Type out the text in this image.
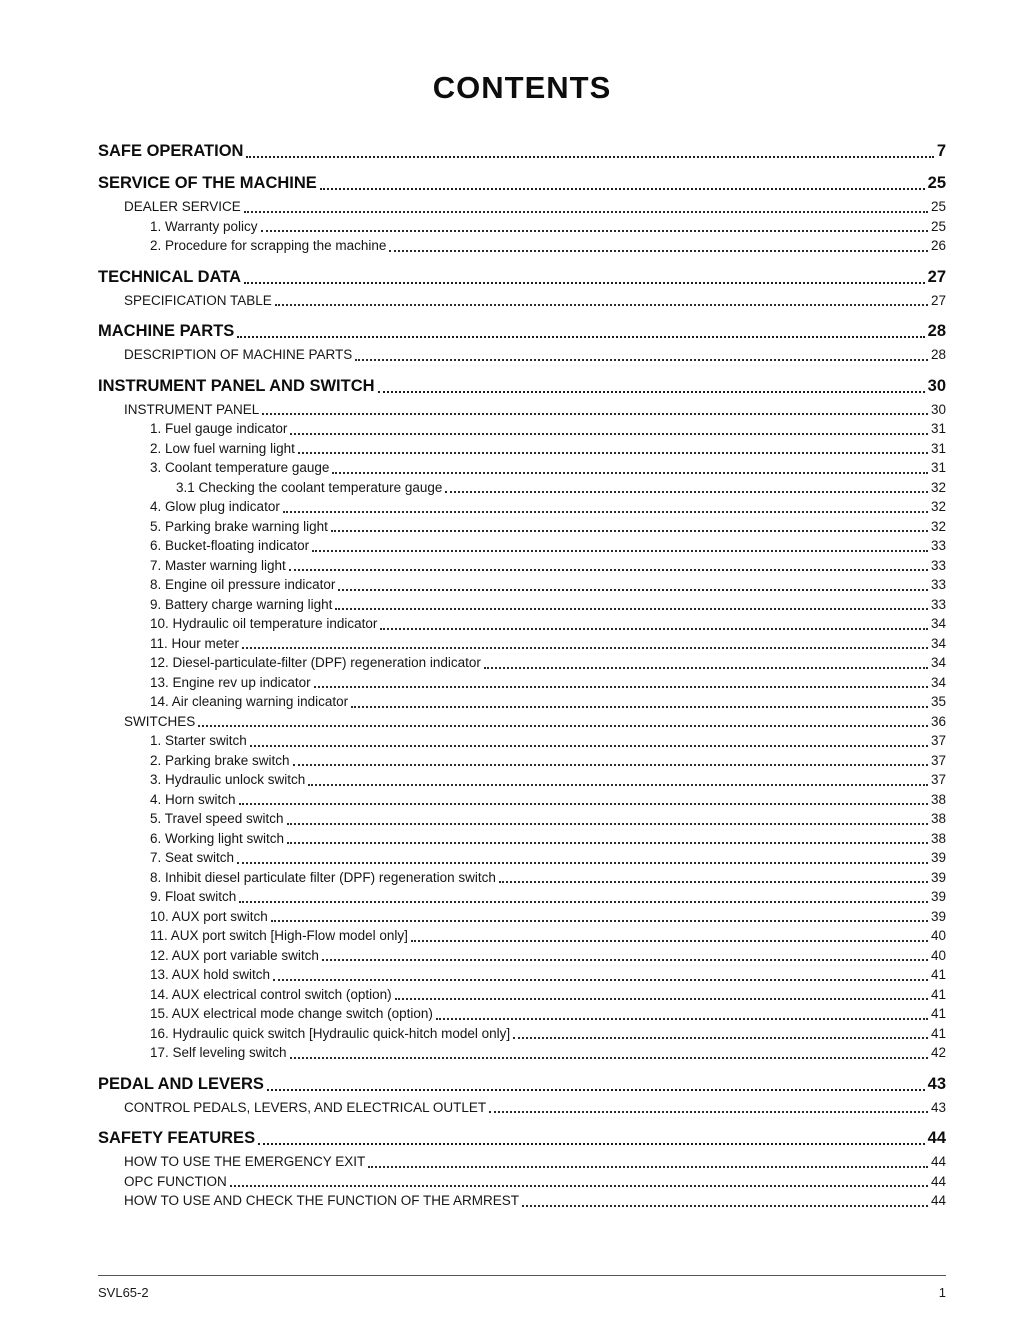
CONTENTS
SAFE OPERATION	7
SERVICE OF THE MACHINE	25
DEALER SERVICE	25
1. Warranty policy	25
2. Procedure for scrapping the machine	26
TECHNICAL DATA	27
SPECIFICATION TABLE	27
MACHINE PARTS	28
DESCRIPTION OF MACHINE PARTS	28
INSTRUMENT PANEL AND SWITCH	30
INSTRUMENT PANEL	30
1. Fuel gauge indicator	31
2. Low fuel warning light	31
3. Coolant temperature gauge	31
3.1 Checking the coolant temperature gauge	32
4. Glow plug indicator	32
5. Parking brake warning light	32
6. Bucket-floating indicator	33
7. Master warning light	33
8. Engine oil pressure indicator	33
9. Battery charge warning light	33
10. Hydraulic oil temperature indicator	34
11. Hour meter	34
12. Diesel-particulate-filter (DPF) regeneration indicator	34
13. Engine rev up indicator	34
14. Air cleaning warning indicator	35
SWITCHES	36
1. Starter switch	37
2. Parking brake switch	37
3. Hydraulic unlock switch	37
4. Horn switch	38
5. Travel speed switch	38
6. Working light switch	38
7. Seat switch	39
8. Inhibit diesel particulate filter (DPF) regeneration switch	39
9. Float switch	39
10. AUX port switch	39
11. AUX port switch [High-Flow model only]	40
12. AUX port variable switch	40
13. AUX hold switch	41
14. AUX electrical control switch (option)	41
15. AUX electrical mode change switch (option)	41
16. Hydraulic quick switch [Hydraulic quick-hitch model only]	41
17. Self leveling switch	42
PEDAL AND LEVERS	43
CONTROL PEDALS, LEVERS, AND ELECTRICAL OUTLET	43
SAFETY FEATURES	44
HOW TO USE THE EMERGENCY EXIT	44
OPC FUNCTION	44
HOW TO USE AND CHECK THE FUNCTION OF THE ARMREST	44
SVL65-2	1
